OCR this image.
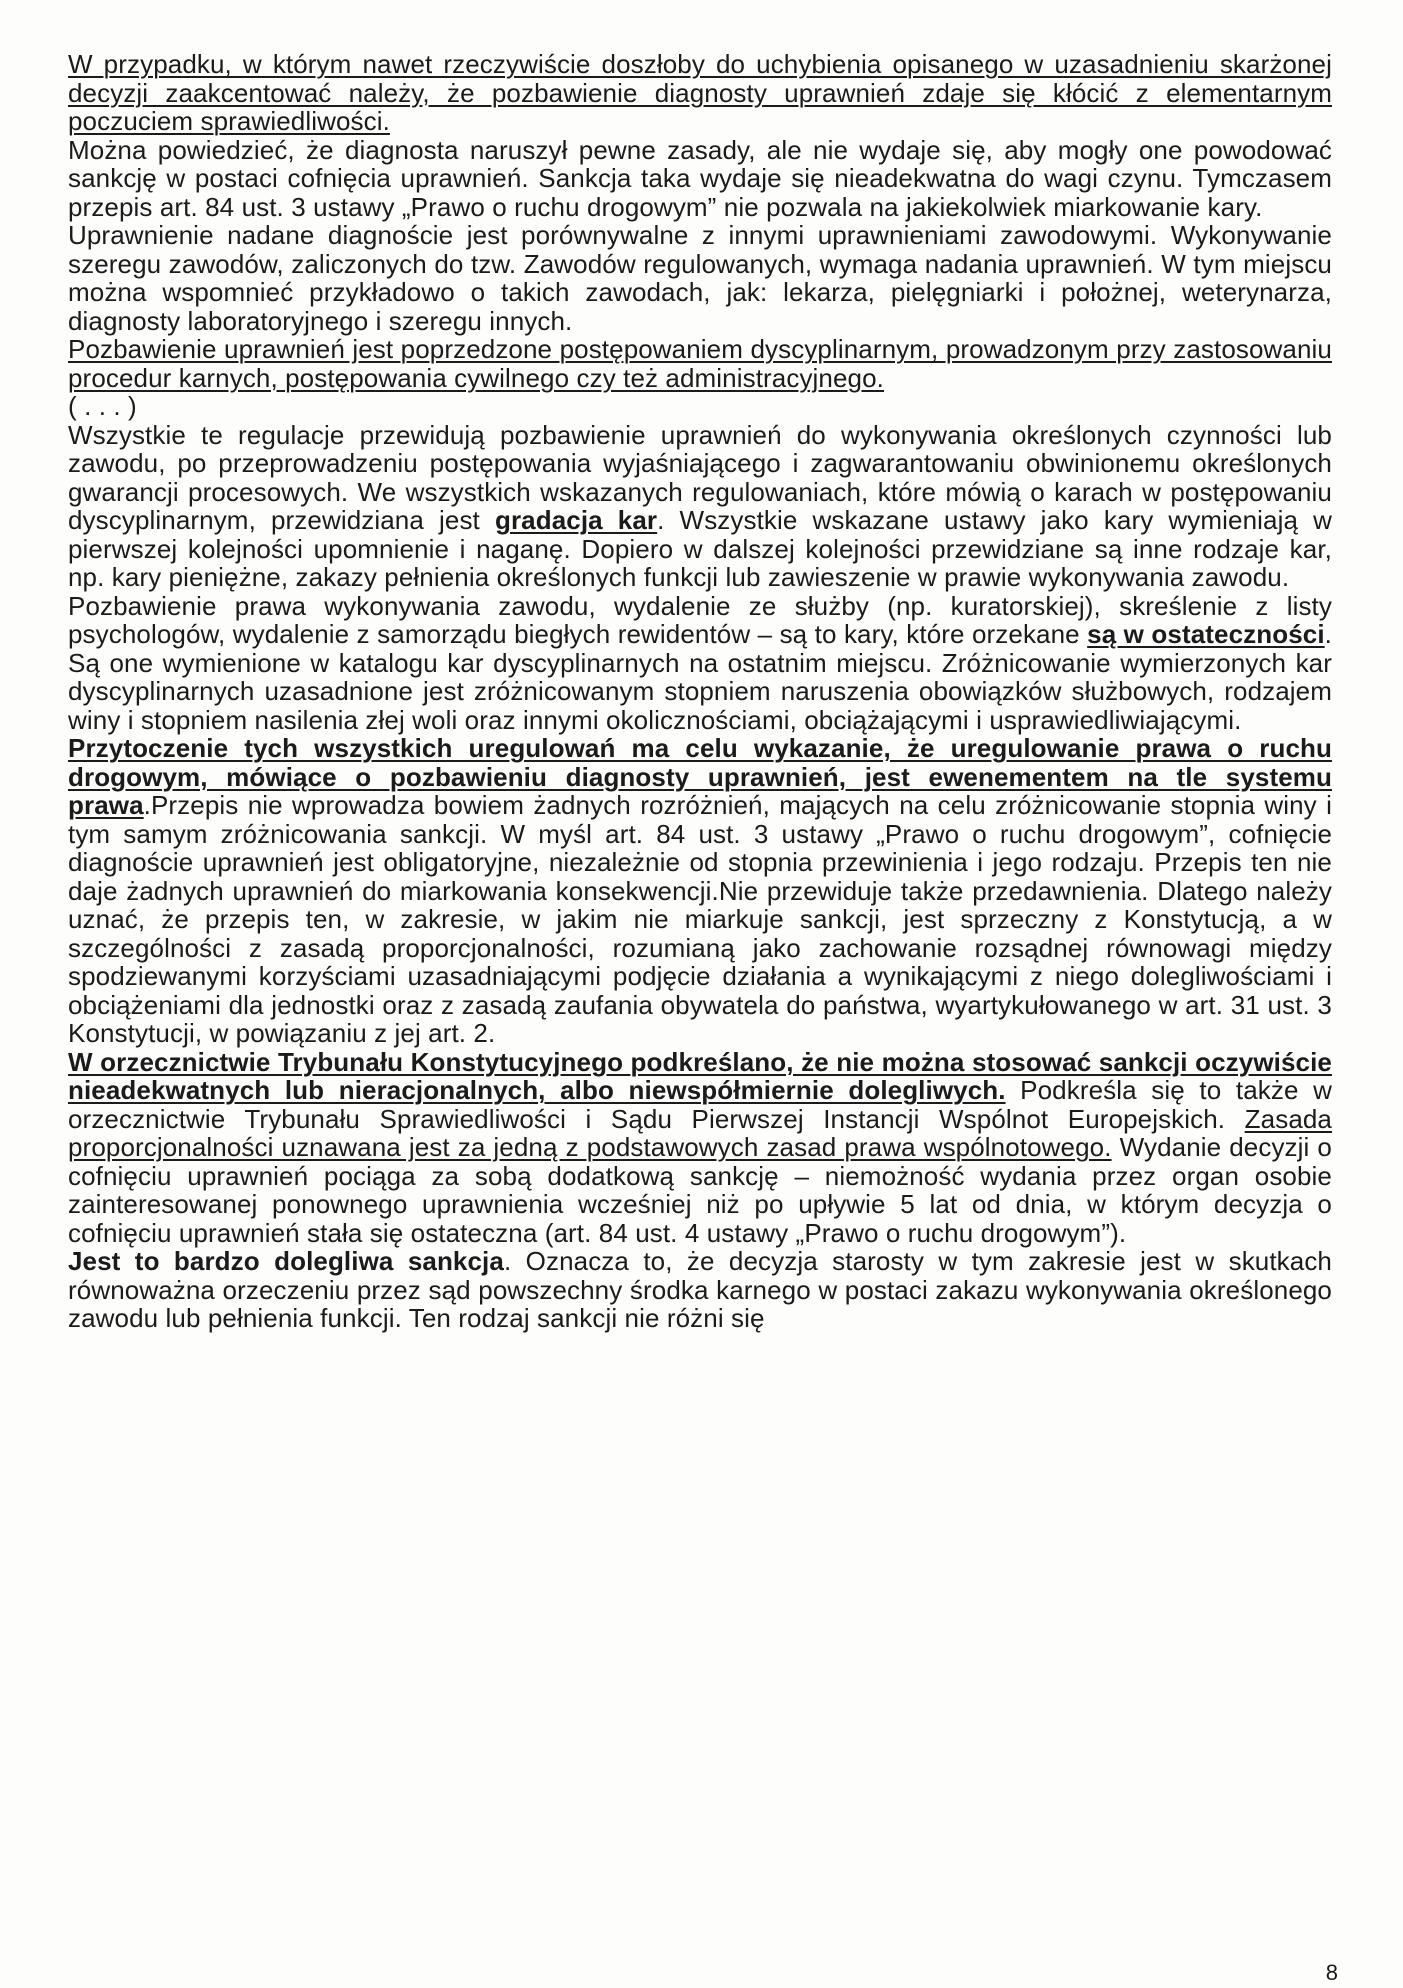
W przypadku, w którym nawet rzeczywiście doszłoby do uchybienia opisanego w uzasadnieniu skarżonej decyzji zaakcentować należy, że pozbawienie diagnosty uprawnień zdaje się kłócić z elementarnym poczuciem sprawiedliwości.

Można powiedzieć, że diagnosta naruszył pewne zasady, ale nie wydaje się, aby mogły one powodować sankcję w postaci cofnięcia uprawnień. Sankcja taka wydaje się nieadekwatna do wagi czynu. Tymczasem przepis art. 84 ust. 3 ustawy „Prawo o ruchu drogowym” nie pozwala na jakiekolwiek miarkowanie kary.

Uprawnienie nadane diagnoście jest porównywalne z innymi uprawnieniami zawodowymi. Wykonywanie szeregu zawodów, zaliczonych do tzw. Zawodów regulowanych, wymaga nadania uprawnień. W tym miejscu można wspomnieć przykładowo o takich zawodach, jak: lekarza, pielęgniarki i położnej, weterynarza, diagnosty laboratoryjnego i szeregu innych.

Pozbawienie uprawnień jest poprzedzone postępowaniem dyscyplinarnym, prowadzonym przy zastosowaniu procedur karnych, postępowania cywilnego czy też administracyjnego.

( . . . )

Wszystkie te regulacje przewidują pozbawienie uprawnień do wykonywania określonych czynności lub zawodu, po przeprowadzeniu postępowania wyjaśniającego i zagwarantowaniu obwinionemu określonych gwarancji procesowych. We wszystkich wskazanych regulowaniach, które mówią o karach w postępowaniu dyscyplinarnym, przewidziana jest gradacja kar. Wszystkie wskazane ustawy jako kary wymieniają w pierwszej kolejności upomnienie i naganę. Dopiero w dalszej kolejności przewidziane są inne rodzaje kar, np. kary pieniężne, zakazy pełnienia określonych funkcji lub zawieszenie w prawie wykonywania zawodu.

Pozbawienie prawa wykonywania zawodu, wydalenie ze służby (np. kuratorskiej), skreślenie z listy psychologów, wydalenie z samorządu biegłych rewidentów – są to kary, które orzekane są w ostateczności. Są one wymienione w katalogu kar dyscyplinarnych na ostatnim miejscu. Zróżnicowanie wymierzonych kar dyscyplinarnych uzasadnione jest zróżnicowanym stopniem naruszenia obowiązków służbowych, rodzajem winy i stopniem nasilenia złej woli oraz innymi okolicznościami, obciążającymi i usprawiedliwiającymi.

Przytoczenie tych wszystkich uregulowań ma celu wykazanie, że uregulowanie prawa o ruchu drogowym, mówiące o pozbawieniu diagnosty uprawnień, jest ewenementem na tle systemu prawa.Przepis nie wprowadza bowiem żadnych rozróżnień, mających na celu zróżnicowanie stopnia winy i tym samym zróżnicowania sankcji. W myśl art. 84 ust. 3 ustawy „Prawo o ruchu drogowym”, cofnięcie diagnoście uprawnień jest obligatoryjne, niezależnie od stopnia przewinienia i jego rodzaju. Przepis ten nie daje żadnych uprawnień do miarkowania konsekwencji.Nie przewiduje także przedawnienia. Dlatego należy uznać, że przepis ten, w zakresie, w jakim nie miarkuje sankcji, jest sprzeczny z Konstytucją, a w szczególności z zasadą proporcjonalności, rozumianą jako zachowanie rozsądnej równowagi między spodziewanymi korzyściami uzasadniającymi podjęcie działania a wynikającymi z niego dolegliwościami i obciążeniami dla jednostki oraz z zasadą zaufania obywatela do państwa, wyartykułowanego w art. 31 ust. 3 Konstytucji, w powiązaniu z jej art. 2.

W orzecznictwie Trybunału Konstytucyjnego podkreślano, że nie można stosować sankcji oczywiście nieadekwatnych lub nieracjonalnych, albo niewspółmiernie dolegliwych. Podkreśla się to także w orzecznictwie Trybunału Sprawiedliwości i Sądu Pierwszej Instancji Wspólnot Europejskich. Zasada proporcjonalności uznawana jest za jedną z podstawowych zasad prawa wspólnotowego. Wydanie decyzji o cofnięciu uprawnień pociąga za sobą dodatkową sankcję – niemożność wydania przez organ osobie zainteresowanej ponownego uprawnienia wcześniej niż po upływie 5 lat od dnia, w którym decyzja o cofnięciu uprawnień stała się ostateczna (art. 84 ust. 4 ustawy „Prawo o ruchu drogowym”).

Jest to bardzo dolegliwa sankcja. Oznacza to, że decyzja starosty w tym zakresie jest w skutkach równoważna orzeczeniu przez sąd powszechny środka karnego w postaci zakazu wykonywania określonego zawodu lub pełnienia funkcji. Ten rodzaj sankcji nie różni się

8
